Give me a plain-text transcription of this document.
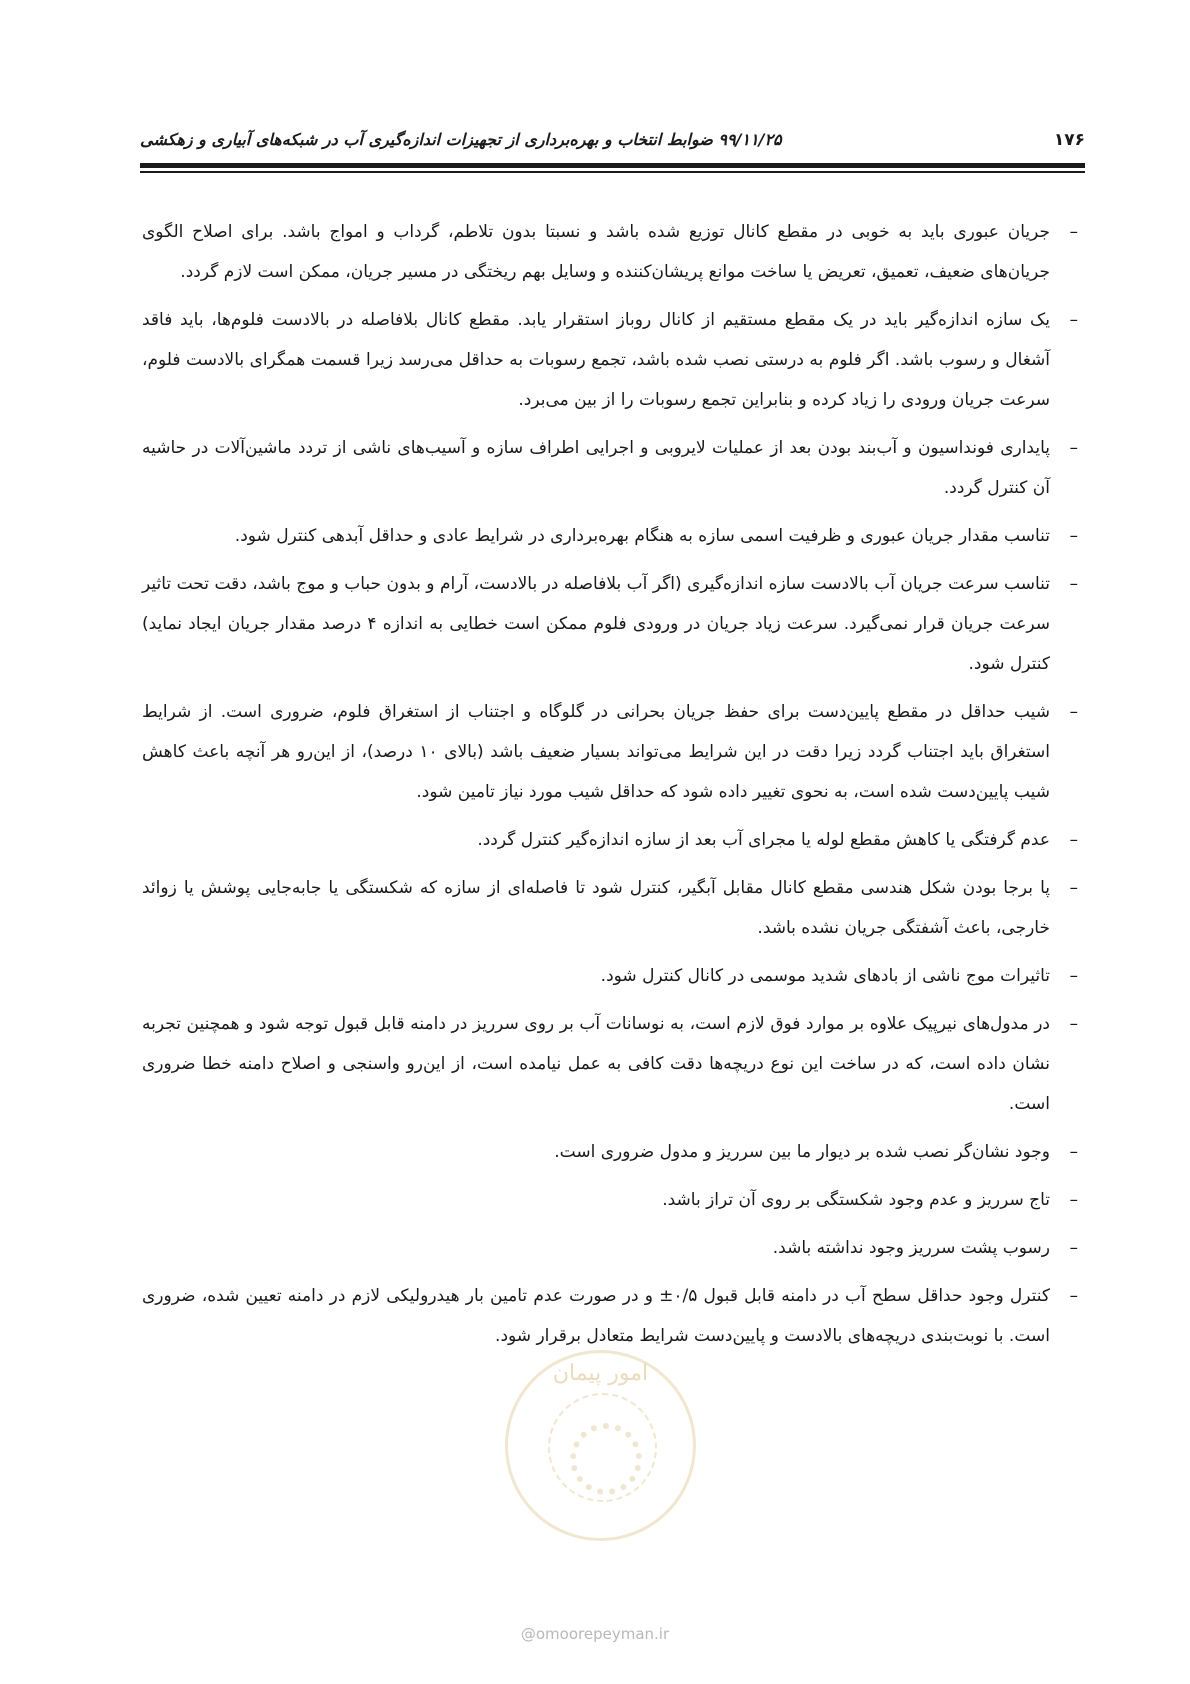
۱۷۶
۹۹/۱۱/۲۵ ضوابط انتخاب و بهره‌برداری از تجهیزات اندازه‌گیری آب در شبکه‌های آبیاری و زهکشی
–
جریان عبوری باید به خوبی در مقطع کانال توزیع شده باشد و نسبتا بدون تلاطم، گرداب و امواج باشد. برای اصلاح الگوی جریان‌های ضعیف، تعمیق، تعریض یا ساخت موانع پریشان‌کننده و وسایل بهم ریختگی در مسیر جریان، ممکن است لازم گردد.
–
یک سازه اندازه‌گیر باید در یک مقطع مستقیم از کانال روباز استقرار یابد. مقطع کانال بلافاصله در بالادست فلوم‌ها، باید فاقد آشغال و رسوب باشد. اگر فلوم به درستی نصب شده باشد، تجمع رسوبات به حداقل می‌رسد زیرا قسمت همگرای بالادست فلوم، سرعت جریان ورودی را زیاد کرده و بنابراین تجمع رسوبات را از بین می‌برد.
–
پایداری فونداسیون و آب‌بند بودن بعد از عملیات لایروبی و اجرایی اطراف سازه و آسیب‌های ناشی از تردد ماشین‌آلات در حاشیه آن کنترل گردد.
–
تناسب مقدار جریان عبوری و ظرفیت اسمی سازه به هنگام بهره‌برداری در شرایط عادی و حداقل آبدهی کنترل شود.
–
تناسب سرعت جریان آب بالادست سازه اندازه‌گیری (اگر آب بلافاصله در بالادست، آرام و بدون حباب و موج باشد، دقت تحت تاثیر سرعت جریان قرار نمی‌گیرد. سرعت زیاد جریان در ورودی فلوم ممکن است خطایی به اندازه ۴ درصد مقدار جریان ایجاد نماید) کنترل شود.
–
شیب حداقل در مقطع پایین‌دست برای حفظ جریان بحرانی در گلوگاه و اجتناب از استغراق فلوم، ضروری است. از شرایط استغراق باید اجتناب گردد زیرا دقت در این شرایط می‌تواند بسیار ضعیف باشد (بالای ۱۰ درصد)، از این‌رو هر آنچه باعث کاهش شیب پایین‌دست شده است، به نحوی تغییر داده شود که حداقل شیب مورد نیاز تامین شود.
–
عدم گرفتگی یا کاهش مقطع لوله یا مجرای آب بعد از سازه اندازه‌گیر کنترل گردد.
–
پا برجا بودن شکل هندسی مقطع کانال مقابل آبگیر، کنترل شود تا فاصله‌ای از سازه که شکستگی یا جابه‌جایی پوشش یا زوائد خارجی، باعث آشفتگی جریان نشده باشد.
–
تاثیرات موج ناشی از بادهای شدید موسمی در کانال کنترل شود.
–
در مدول‌های نیرپیک علاوه بر موارد فوق لازم است، به نوسانات آب بر روی سرریز در دامنه قابل قبول توجه شود و همچنین تجربه نشان داده است، که در ساخت این نوع دریچه‌ها دقت کافی به عمل نیامده است، از این‌رو واسنجی و اصلاح دامنه خطا ضروری است.
–
وجود نشان‌گر نصب شده بر دیوار ما بین سرریز و مدول ضروری است.
–
تاج سرریز و عدم وجود شکستگی بر روی آن تراز باشد.
–
رسوب پشت سرریز وجود نداشته باشد.
–
کنترل وجود حداقل سطح آب در دامنه قابل قبول ۰/۵± و در صورت عدم تامین بار هیدرولیکی لازم در دامنه تعیین شده، ضروری است. با نوبت‌بندی دریچه‌های بالادست و پایین‌دست شرایط متعادل برقرار شود.
امور پیمان
@omoorepeyman.ir
